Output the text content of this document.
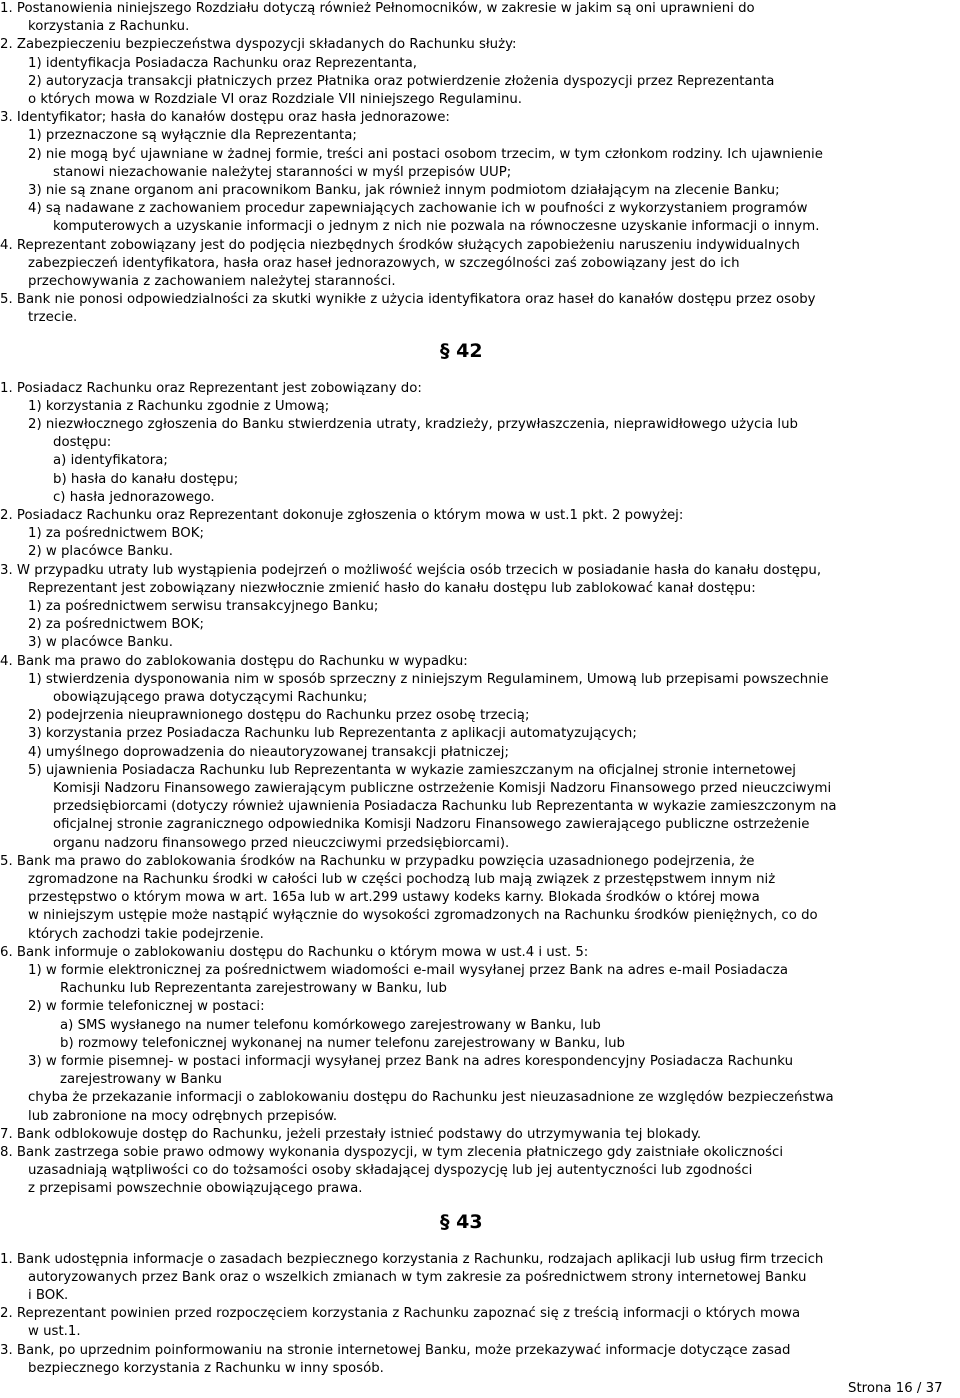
1. Postanowienia niniejszego Rozdziału dotyczą również Pełnomocników, w zakresie w jakim są oni uprawnieni do
korzystania z Rachunku.
2. Zabezpieczeniu bezpieczeństwa dyspozycji składanych do Rachunku służy:
1) identyfikacja Posiadacza Rachunku oraz Reprezentanta,
2) autoryzacja transakcji płatniczych przez Płatnika oraz potwierdzenie złożenia dyspozycji przez Reprezentanta
o których mowa w Rozdziale VI oraz Rozdziale VII niniejszego Regulaminu.
3. Identyfikator; hasła do kanałów dostępu oraz hasła jednorazowe:
1) przeznaczone są wyłącznie dla Reprezentanta;
2) nie mogą być ujawniane w żadnej formie, treści ani postaci osobom trzecim, w tym członkom rodziny. Ich ujawnienie
stanowi niezachowanie należytej staranności w myśl przepisów UUP;
3) nie są znane organom ani pracownikom Banku, jak również innym podmiotom działającym na zlecenie Banku;
4) są nadawane z zachowaniem procedur zapewniających zachowanie ich w poufności z wykorzystaniem programów
komputerowych a uzyskanie informacji o jednym z nich nie pozwala na równoczesne uzyskanie informacji o innym.
4. Reprezentant zobowiązany jest do podjęcia niezbędnych środków służących zapobieżeniu naruszeniu indywidualnych
zabezpieczeń identyfikatora, hasła oraz haseł jednorazowych, w szczególności zaś zobowiązany jest do ich
przechowywania z zachowaniem należytej staranności.
5. Bank nie ponosi odpowiedzialności za skutki wynikłe z użycia identyfikatora oraz haseł do kanałów dostępu przez osoby
trzecie.
§ 42
1. Posiadacz Rachunku oraz Reprezentant jest zobowiązany do:
1) korzystania z Rachunku zgodnie z Umową;
2) niezwłocznego zgłoszenia do Banku stwierdzenia utraty, kradzieży, przywłaszczenia, nieprawidłowego użycia lub
dostępu:
a) identyfikatora;
b) hasła do kanału dostępu;
c) hasła jednorazowego.
2. Posiadacz Rachunku oraz Reprezentant dokonuje zgłoszenia o którym mowa w ust.1 pkt. 2 powyżej:
1) za pośrednictwem BOK;
2) w placówce Banku.
3. W przypadku utraty lub wystąpienia podejrzeń o możliwość wejścia osób trzecich w posiadanie hasła do kanału dostępu,
Reprezentant jest zobowiązany niezwłocznie zmienić hasło do kanału dostępu lub zablokować kanał dostępu:
1) za pośrednictwem serwisu transakcyjnego Banku;
2) za pośrednictwem BOK;
3) w placówce Banku.
4. Bank ma prawo do zablokowania dostępu do Rachunku w wypadku:
1) stwierdzenia dysponowania nim w sposób sprzeczny z niniejszym Regulaminem, Umową lub przepisami powszechnie
obowiązującego prawa dotyczącymi Rachunku;
2) podejrzenia nieuprawnionego dostępu do Rachunku przez osobę trzecią;
3) korzystania przez Posiadacza Rachunku lub Reprezentanta z aplikacji automatyzujących;
4) umyślnego doprowadzenia do nieautoryzowanej transakcji płatniczej;
5) ujawnienia Posiadacza Rachunku lub Reprezentanta w wykazie zamieszczanym na oficjalnej stronie internetowej
Komisji Nadzoru Finansowego zawierającym publiczne ostrzeżenie Komisji Nadzoru Finansowego przed nieuczciwymi
przedsiębiorcami (dotyczy również ujawnienia Posiadacza Rachunku lub Reprezentanta w wykazie zamieszczonym na
oficjalnej stronie zagranicznego odpowiednika Komisji Nadzoru Finansowego zawierającego publiczne ostrzeżenie
organu nadzoru finansowego przed nieuczciwymi przedsiębiorcami).
5. Bank ma prawo do zablokowania środków na Rachunku w przypadku powzięcia uzasadnionego podejrzenia, że
zgromadzone na Rachunku środki w całości lub w części pochodzą lub mają związek z przestępstwem innym niż
przestępstwo o którym mowa w art. 165a lub w art.299 ustawy kodeks karny. Blokada środków o której mowa
w niniejszym ustępie może nastąpić wyłącznie do wysokości zgromadzonych na Rachunku środków pieniężnych, co do
których zachodzi takie podejrzenie.
6. Bank informuje o zablokowaniu dostępu do Rachunku o którym mowa w ust.4 i ust. 5:
1) w formie elektronicznej za pośrednictwem wiadomości e-mail wysyłanej przez Bank na adres e-mail Posiadacza
Rachunku lub Reprezentanta zarejestrowany w Banku, lub
2) w formie telefonicznej w postaci:
a) SMS wysłanego na numer telefonu komórkowego zarejestrowany w Banku, lub
b) rozmowy telefonicznej wykonanej na numer telefonu zarejestrowany w Banku, lub
3) w formie pisemnej- w postaci informacji wysyłanej przez Bank na adres korespondencyjny Posiadacza Rachunku
zarejestrowany w Banku
chyba że przekazanie informacji o zablokowaniu dostępu do Rachunku jest nieuzasadnione ze względów bezpieczeństwa
lub zabronione na mocy odrębnych przepisów.
7. Bank odblokowuje dostęp do Rachunku, jeżeli przestały istnieć podstawy do utrzymywania tej blokady.
8. Bank zastrzega sobie prawo odmowy wykonania dyspozycji, w tym zlecenia płatniczego gdy zaistniałe okoliczności
uzasadniają wątpliwości co do tożsamości osoby składającej dyspozycję lub jej autentyczności lub zgodności
z przepisami powszechnie obowiązującego prawa.
§ 43
1. Bank udostępnia informacje o zasadach bezpiecznego korzystania z Rachunku, rodzajach aplikacji lub usług firm trzecich
autoryzowanych przez Bank oraz o wszelkich zmianach w tym zakresie za pośrednictwem strony internetowej Banku
i BOK.
2. Reprezentant powinien przed rozpoczęciem korzystania z Rachunku zapoznać się z treścią informacji o których mowa
w ust.1.
3. Bank, po uprzednim poinformowaniu na stronie internetowej Banku, może przekazywać informacje dotyczące zasad
bezpiecznego korzystania z Rachunku w inny sposób.
Strona 16 / 37
